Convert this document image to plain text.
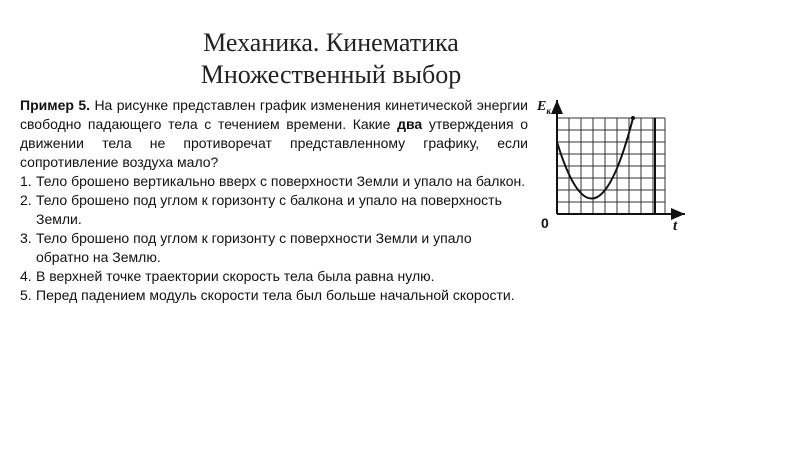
Механика. Кинематика
Множественный выбор

Пример 5. На рисунке представлен график изменения кинетической энергии свободно падающего тела с течением времени. Какие два утверждения о движении тела не противоречат представленному графику, если сопротивление воздуха мало?

1. Тело брошено вертикально вверх с поверхности Земли и упало на балкон.
2. Тело брошено под углом к горизонту с балкона и упало на поверхность Земли.
3. Тело брошено под углом к горизонту с поверхности Земли и упало обратно на Землю.
4. В верхней точке траектории скорость тела была равна нулю.
5. Перед падением модуль скорости тела был больше начальной скорости.
$E_к$
t
0
